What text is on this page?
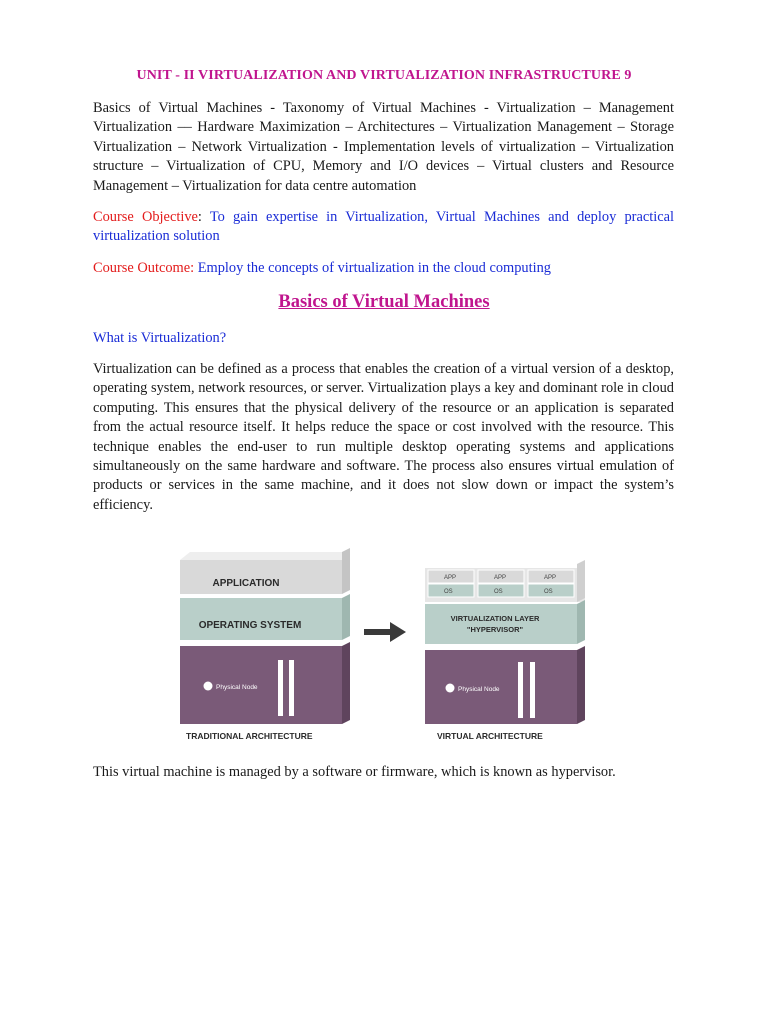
UNIT - II VIRTUALIZATION AND VIRTUALIZATION INFRASTRUCTURE 9
Basics of Virtual Machines - Taxonomy of Virtual Machines - Virtualization – Management Virtualization –– Hardware Maximization – Architectures – Virtualization Management – Storage Virtualization – Network Virtualization - Implementation levels of virtualization – Virtualization structure – Virtualization of CPU, Memory and I/O devices – Virtual clusters and Resource Management – Virtualization for data centre automation
Course Objective: To gain expertise in Virtualization, Virtual Machines and deploy practical virtualization solution
Course Outcome: Employ the concepts of virtualization in the cloud computing
Basics of Virtual Machines
What is Virtualization?
Virtualization can be defined as a process that enables the creation of a virtual version of a desktop, operating system, network resources, or server. Virtualization plays a key and dominant role in cloud computing. This ensures that the physical delivery of the resource or an application is separated from the actual resource itself. It helps reduce the space or cost involved with the resource. This technique enables the end-user to run multiple desktop operating systems and applications simultaneously on the same hardware and software. The process also ensures virtual emulation of products or services in the same machine, and it does not slow down or impact the system’s efficiency.
APPLICATION
OPERATING SYSTEM
Physical Node
TRADITIONAL ARCHITECTURE
APP
OS
APP
OS
APP
OS
VIRTUALIZATION LAYER
"HYPERVISOR"
Physical Node
VIRTUAL ARCHITECTURE
This virtual machine is managed by a software or firmware, which is known as hypervisor.
